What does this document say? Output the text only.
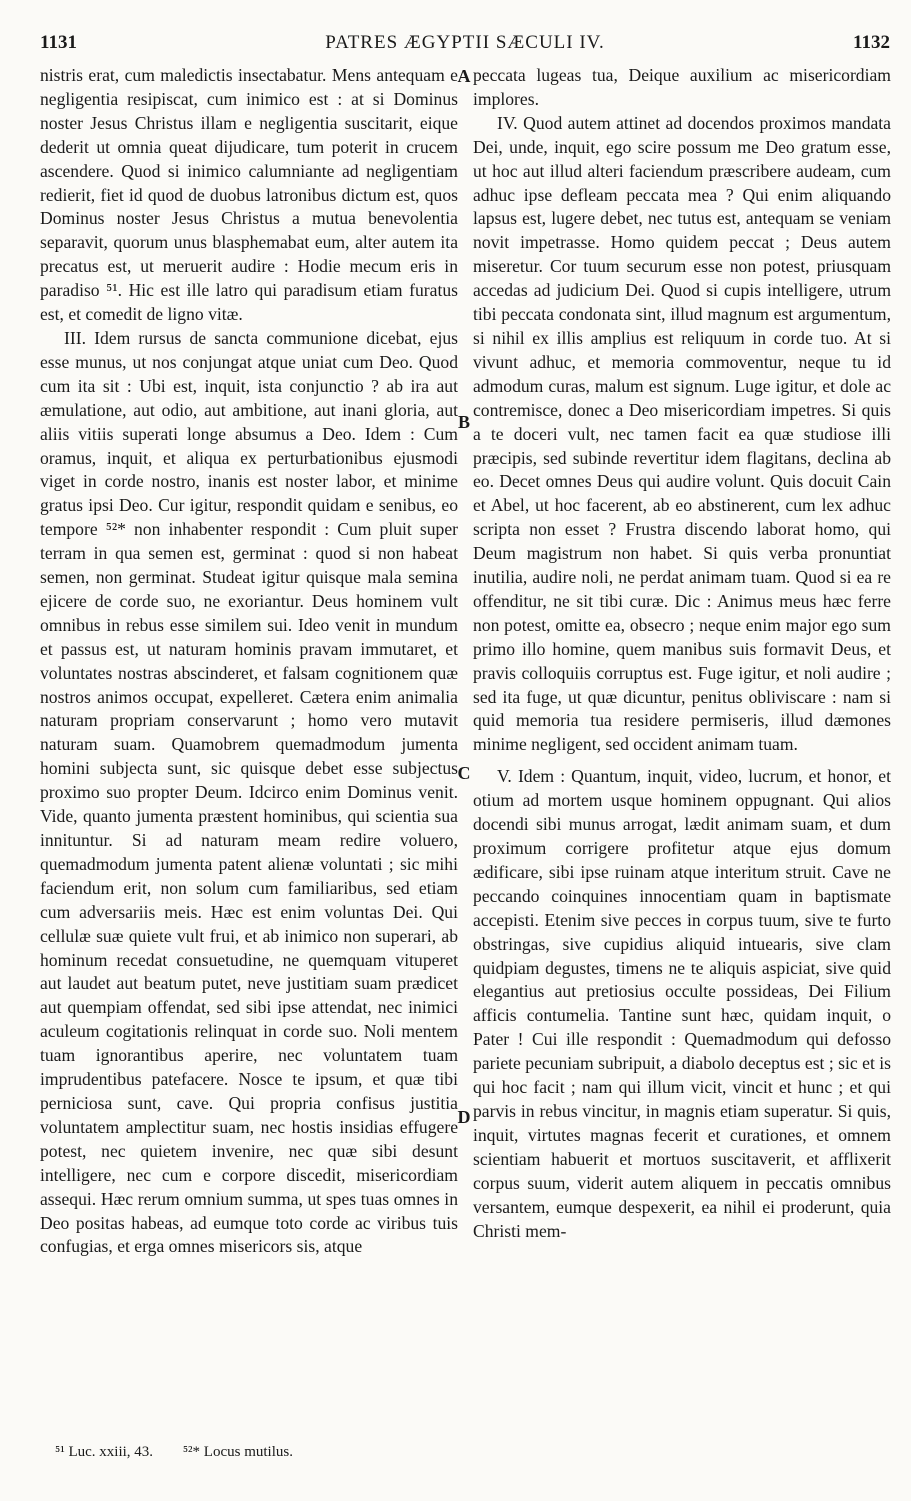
1131	PATRES ÆGYPTII SÆCULI IV.	1132

nistris erat, cum maledictis insectabatur. Mens antequam e negligentia resipiscat, cum inimico est : at si Dominus noster Jesus Christus illam e negligentia suscitarit, eique dederit ut omnia queat dijudicare, tum poterit in crucem ascendere. Quod si inimico calumniante ad negligentiam redierit, fiet id quod de duobus latronibus dictum est, quos Dominus noster Jesus Christus a mutua benevolentia separavit, quorum unus blasphemabat eum, alter autem ita precatus est, ut meruerit audire : Hodie mecum eris in paradiso ⁵¹. Hic est ille latro qui paradisum etiam furatus est, et comedit de ligno vitæ.

III. Idem rursus de sancta communione dicebat, ejus esse munus, ut nos conjungat atque uniat cum Deo. Quod cum ita sit : Ubi est, inquit, ista conjunctio ? ab ira aut æmulatione, aut odio, aut ambitione, aut inani gloria, aut aliis vitiis superati longe absumus a Deo. Idem : Cum oramus, inquit, et aliqua ex perturbationibus ejusmodi viget in corde nostro, inanis est noster labor, et minime gratus ipsi Deo. Cur igitur, respondit quidam e senibus, eo tempore ⁵²* non inhabenter respondit : Cum pluit super terram in qua semen est, germinat : quod si non habeat semen, non germinat. Studeat igitur quisque mala semina ejicere de corde suo, ne exoriantur. Deus hominem vult omnibus in rebus esse similem sui. Ideo venit in mundum et passus est, ut naturam hominis pravam immutaret, et voluntates nostras abscinderet, et falsam cognitionem quæ nostros animos occupat, expelleret. Cætera enim animalia naturam propriam conservarunt ; homo vero mutavit naturam suam. Quamobrem quemadmodum jumenta homini subjecta sunt, sic quisque debet esse subjectus proximo suo propter Deum. Idcirco enim Dominus venit. Vide, quanto jumenta præstent hominibus, qui scientia sua innituntur. Si ad naturam meam redire voluero, quemadmodum jumenta patent alienæ voluntati ; sic mihi faciendum erit, non solum cum familiaribus, sed etiam cum adversariis meis. Hæc est enim voluntas Dei. Qui cellulæ suæ quiete vult frui, et ab inimico non superari, ab hominum recedat consuetudine, ne quemquam vituperet aut laudet aut beatum putet, neve justitiam suam prædicet aut quempiam offendat, sed sibi ipse attendat, nec inimici aculeum cogitationis relinquat in corde suo. Noli mentem tuam ignorantibus aperire, nec voluntatem tuam imprudentibus patefacere. Nosce te ipsum, et quæ tibi perniciosa sunt, cave. Qui propria confisus justitia voluntatem amplectitur suam, nec hostis insidias effugere potest, nec quietem invenire, nec quæ sibi desunt intelligere, nec cum e corpore discedit, misericordiam assequi. Hæc rerum omnium summa, ut spes tuas omnes in Deo positas habeas, ad eumque toto corde ac viribus tuis confugias, et erga omnes misericors sis, atque

peccata lugeas tua, Deique auxilium ac misericordiam implores.

IV. Quod autem attinet ad docendos proximos mandata Dei, unde, inquit, ego scire possum me Deo gratum esse, ut hoc aut illud alteri faciendum præscribere audeam, cum adhuc ipse defleam peccata mea ? Qui enim aliquando lapsus est, lugere debet, nec tutus est, antequam se veniam novit impetrasse. Homo quidem peccat ; Deus autem miseretur. Cor tuum securum esse non potest, priusquam accedas ad judicium Dei. Quod si cupis intelligere, utrum tibi peccata condonata sint, illud magnum est argumentum, si nihil ex illis amplius est reliquum in corde tuo. At si vivunt adhuc, et memoria commoventur, neque tu id admodum curas, malum est signum. Luge igitur, et dole ac contremisce, donec a Deo misericordiam impetres. Si quis a te doceri vult, nec tamen facit ea quæ studiose illi præcipis, sed subinde revertitur idem flagitans, declina ab eo. Decet omnes Deus qui audire volunt. Quis docuit Cain et Abel, ut hoc facerent, ab eo abstinerent, cum lex adhuc scripta non esset ? Frustra discendo laborat homo, qui Deum magistrum non habet. Si quis verba pronuntiat inutilia, audire noli, ne perdat animam tuam. Quod si ea re offenditur, ne sit tibi curæ. Dic : Animus meus hæc ferre non potest, omitte ea, obsecro ; neque enim major ego sum primo illo homine, quem manibus suis formavit Deus, et pravis colloquiis corruptus est. Fuge igitur, et noli audire ; sed ita fuge, ut quæ dicuntur, penitus obliviscare : nam si quid memoria tua residere permiseris, illud dæmones minime negligent, sed occident animam tuam.

V. Idem : Quantum, inquit, video, lucrum, et honor, et otium ad mortem usque hominem oppugnant. Qui alios docendi sibi munus arrogat, lædit animam suam, et dum proximum corrigere profitetur atque ejus domum ædificare, sibi ipse ruinam atque interitum struit. Cave ne peccando coinquines innocentiam quam in baptismate accepisti. Etenim sive pecces in corpus tuum, sive te furto obstringas, sive cupidius aliquid intuearis, sive clam quidpiam degustes, timens ne te aliquis aspiciat, sive quid elegantius aut pretiosius occulte possideas, Dei Filium afficis contumelia. Tantine sunt hæc, quidam inquit, o Pater ! Cui ille respondit : Quemadmodum qui defosso pariete pecuniam subripuit, a diabolo deceptus est ; sic et is qui hoc facit ; nam qui illum vicit, vincit et hunc ; et qui parvis in rebus vincitur, in magnis etiam superatur. Si quis, inquit, virtutes magnas fecerit et curationes, et omnem scientiam habuerit et mortuos suscitaverit, et afflixerit corpus suum, viderit autem aliquem in peccatis omnibus versantem, eumque despexerit, ea nihil ei proderunt, quia Christi mem-

A
B
C
D
⁵¹ Luc. xxiii, 43. ⁵²* Locus mutilus.
